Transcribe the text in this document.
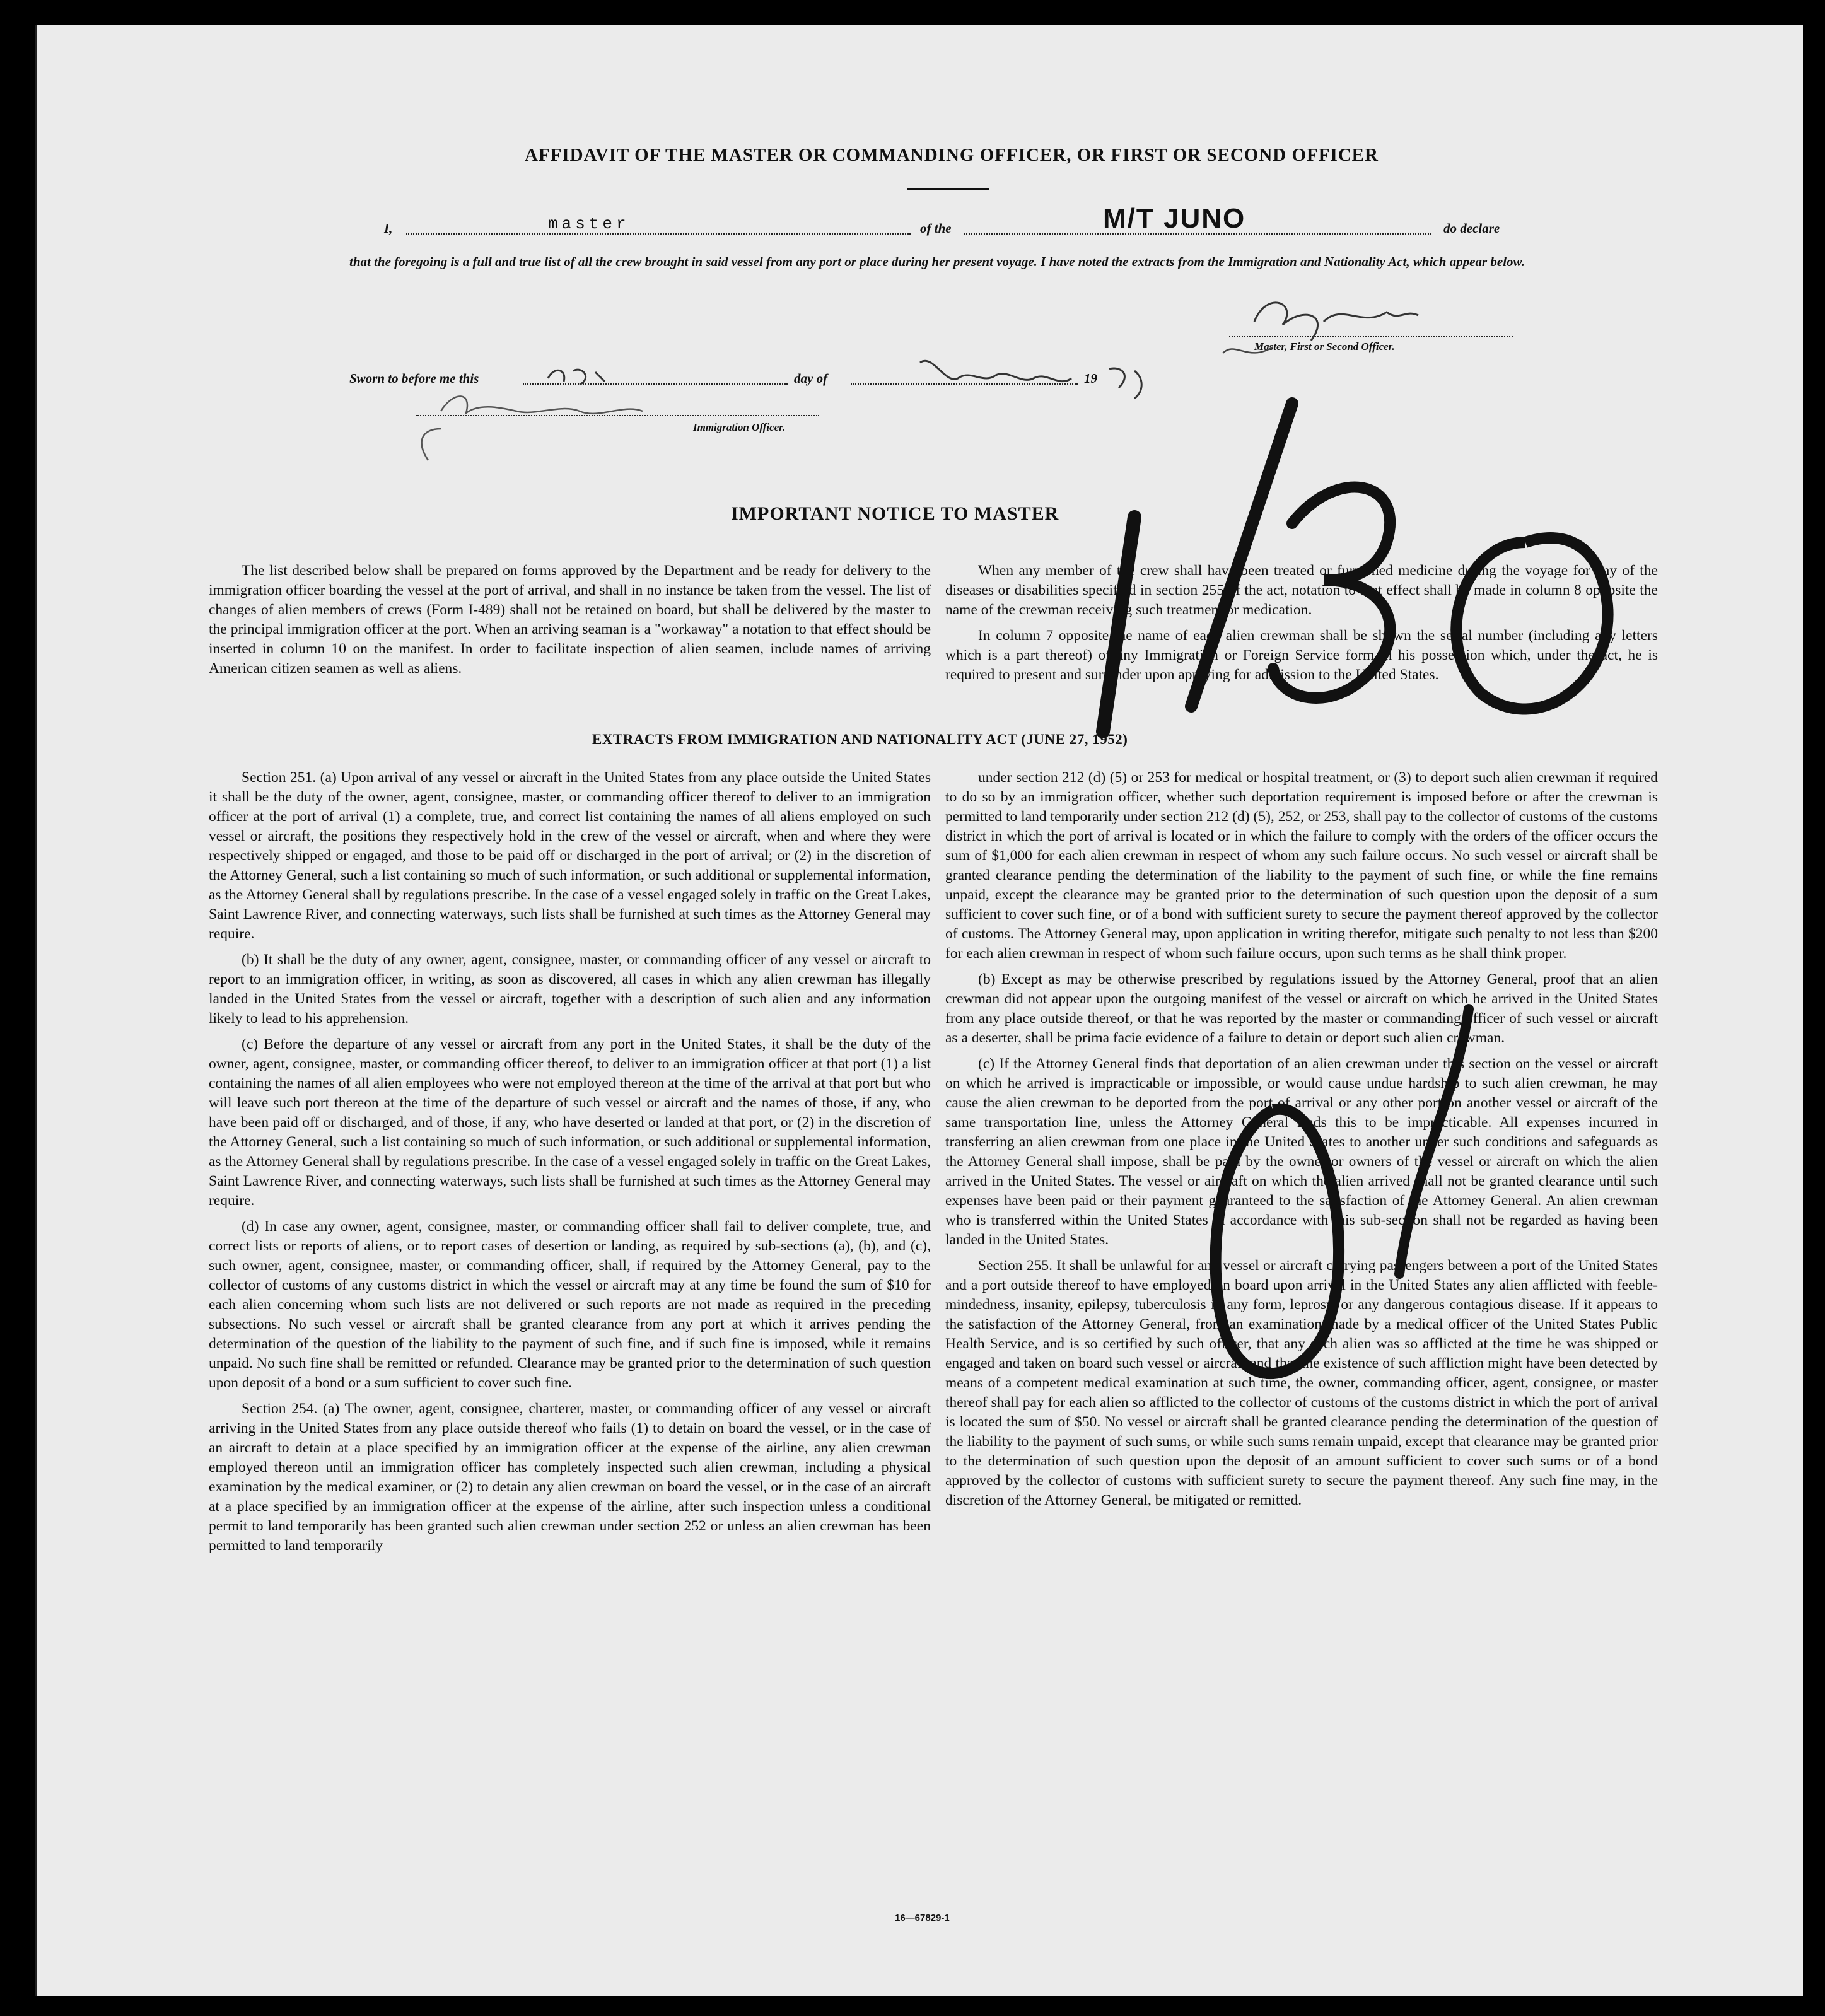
AFFIDAVIT OF THE MASTER OR COMMANDING OFFICER, OR FIRST OR SECOND OFFICER
I,	master	of the	M/T JUNO	do declare
that the foregoing is a full and true list of all the crew brought in said vessel from any port or place during her present voyage. I have noted the extracts from the Immigration and Nationality Act, which appear below.
Master, First or Second Officer.
Sworn to before me this	day of	19
Immigration Officer.
IMPORTANT NOTICE TO MASTER

The list described below shall be prepared on forms approved by the Department and be ready for delivery to the immigration officer boarding the vessel at the port of arrival, and shall in no instance be taken from the vessel. The list of changes of alien members of crews (Form I-489) shall not be retained on board, but shall be delivered by the master to the principal immigration officer at the port. When an arriving seaman is a "workaway" a notation to that effect should be inserted in column 10 on the manifest. In order to facilitate inspection of alien seamen, include names of arriving American citizen seamen as well as aliens.

When any member of the crew shall have been treated or furnished medicine during the voyage for any of the diseases or disabilities specified in section 255 of the act, notation to that effect shall be made in column 8 opposite the name of the crewman receiving such treatment or medication.

In column 7 opposite the name of each alien crewman shall be shown the serial number (including any letters which is a part thereof) of any Immigration or Foreign Service form in his possession which, under the act, he is required to present and surrender upon applying for admission to the United States.

EXTRACTS FROM IMMIGRATION AND NATIONALITY ACT (JUNE 27, 1952)

Section 251. (a) Upon arrival of any vessel or aircraft in the United States from any place outside the United States it shall be the duty of the owner, agent, consignee, master, or commanding officer thereof to deliver to an immigration officer at the port of arrival (1) a complete, true, and correct list containing the names of all aliens employed on such vessel or aircraft, the positions they respectively hold in the crew of the vessel or aircraft, when and where they were respectively shipped or engaged, and those to be paid off or discharged in the port of arrival; or (2) in the discretion of the Attorney General, such a list containing so much of such information, or such additional or supplemental information, as the Attorney General shall by regulations prescribe. In the case of a vessel engaged solely in traffic on the Great Lakes, Saint Lawrence River, and connecting waterways, such lists shall be furnished at such times as the Attorney General may require.

(b) It shall be the duty of any owner, agent, consignee, master, or commanding officer of any vessel or aircraft to report to an immigration officer, in writing, as soon as discovered, all cases in which any alien crewman has illegally landed in the United States from the vessel or aircraft, together with a description of such alien and any information likely to lead to his apprehension.

(c) Before the departure of any vessel or aircraft from any port in the United States, it shall be the duty of the owner, agent, consignee, master, or commanding officer thereof, to deliver to an immigration officer at that port (1) a list containing the names of all alien employees who were not employed thereon at the time of the arrival at that port but who will leave such port thereon at the time of the departure of such vessel or aircraft and the names of those, if any, who have been paid off or discharged, and of those, if any, who have deserted or landed at that port, or (2) in the discretion of the Attorney General, such a list containing so much of such information, or such additional or supplemental information, as the Attorney General shall by regulations prescribe. In the case of a vessel engaged solely in traffic on the Great Lakes, Saint Lawrence River, and connecting waterways, such lists shall be furnished at such times as the Attorney General may require.

(d) In case any owner, agent, consignee, master, or commanding officer shall fail to deliver complete, true, and correct lists or reports of aliens, or to report cases of desertion or landing, as required by sub-sections (a), (b), and (c), such owner, agent, consignee, master, or commanding officer, shall, if required by the Attorney General, pay to the collector of customs of any customs district in which the vessel or aircraft may at any time be found the sum of $10 for each alien concerning whom such lists are not delivered or such reports are not made as required in the preceding subsections. No such vessel or aircraft shall be granted clearance from any port at which it arrives pending the determination of the question of the liability to the payment of such fine, and if such fine is imposed, while it remains unpaid. No such fine shall be remitted or refunded. Clearance may be granted prior to the determination of such question upon deposit of a bond or a sum sufficient to cover such fine.

Section 254. (a) The owner, agent, consignee, charterer, master, or commanding officer of any vessel or aircraft arriving in the United States from any place outside thereof who fails (1) to detain on board the vessel, or in the case of an aircraft to detain at a place specified by an immigration officer at the expense of the airline, any alien crewman employed thereon until an immigration officer has completely inspected such alien crewman, including a physical examination by the medical examiner, or (2) to detain any alien crewman on board the vessel, or in the case of an aircraft at a place specified by an immigration officer at the expense of the airline, after such inspection unless a conditional permit to land temporarily has been granted such alien crewman under section 252 or unless an alien crewman has been permitted to land temporarily

under section 212 (d) (5) or 253 for medical or hospital treatment, or (3) to deport such alien crewman if required to do so by an immigration officer, whether such deportation requirement is imposed before or after the crewman is permitted to land temporarily under section 212 (d) (5), 252, or 253, shall pay to the collector of customs of the customs district in which the port of arrival is located or in which the failure to comply with the orders of the officer occurs the sum of $1,000 for each alien crewman in respect of whom any such failure occurs. No such vessel or aircraft shall be granted clearance pending the determination of the liability to the payment of such fine, or while the fine remains unpaid, except the clearance may be granted prior to the determination of such question upon the deposit of a sum sufficient to cover such fine, or of a bond with sufficient surety to secure the payment thereof approved by the collector of customs. The Attorney General may, upon application in writing therefor, mitigate such penalty to not less than $200 for each alien crewman in respect of whom such failure occurs, upon such terms as he shall think proper.

(b) Except as may be otherwise prescribed by regulations issued by the Attorney General, proof that an alien crewman did not appear upon the outgoing manifest of the vessel or aircraft on which he arrived in the United States from any place outside thereof, or that he was reported by the master or commanding officer of such vessel or aircraft as a deserter, shall be prima facie evidence of a failure to detain or deport such alien crewman.

(c) If the Attorney General finds that deportation of an alien crewman under this section on the vessel or aircraft on which he arrived is impracticable or impossible, or would cause undue hardship to such alien crewman, he may cause the alien crewman to be deported from the port of arrival or any other port on another vessel or aircraft of the same transportation line, unless the Attorney General finds this to be impracticable. All expenses incurred in transferring an alien crewman from one place in the United States to another under such conditions and safeguards as the Attorney General shall impose, shall be paid by the owner or owners of the vessel or aircraft on which the alien arrived in the United States. The vessel or aircraft on which the alien arrived shall not be granted clearance until such expenses have been paid or their payment guaranteed to the satisfaction of the Attorney General. An alien crewman who is transferred within the United States in accordance with this sub-section shall not be regarded as having been landed in the United States.

Section 255. It shall be unlawful for any vessel or aircraft carrying passengers between a port of the United States and a port outside thereof to have employed on board upon arrival in the United States any alien afflicted with feeble-mindedness, insanity, epilepsy, tuberculosis in any form, leprosy, or any dangerous contagious disease. If it appears to the satisfaction of the Attorney General, from an examination made by a medical officer of the United States Public Health Service, and is so certified by such officer, that any such alien was so afflicted at the time he was shipped or engaged and taken on board such vessel or aircraft and that the existence of such affliction might have been detected by means of a competent medical examination at such time, the owner, commanding officer, agent, consignee, or master thereof shall pay for each alien so afflicted to the collector of customs of the customs district in which the port of arrival is located the sum of $50. No vessel or aircraft shall be granted clearance pending the determination of the question of the liability to the payment of such sums, or while such sums remain unpaid, except that clearance may be granted prior to the determination of such question upon the deposit of an amount sufficient to cover such sums or of a bond approved by the collector of customs with sufficient surety to secure the payment thereof. Any such fine may, in the discretion of the Attorney General, be mitigated or remitted.

16—67829-1
